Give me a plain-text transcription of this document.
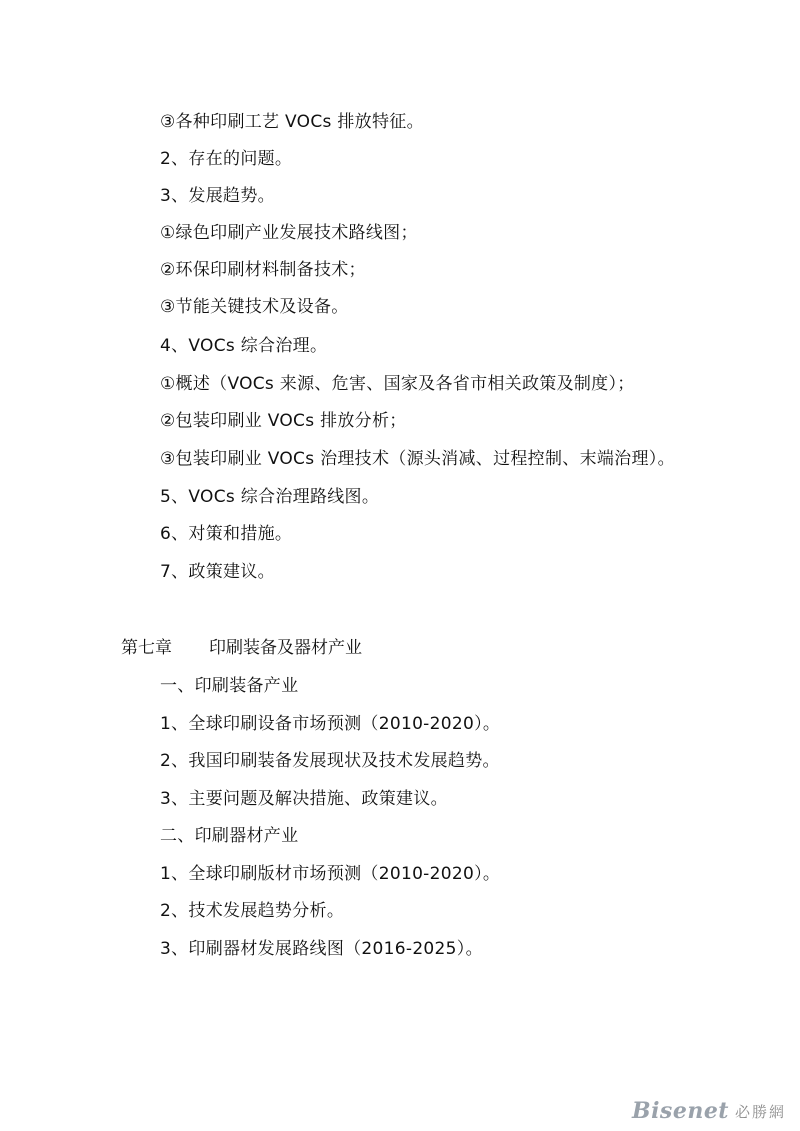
③各种印刷工艺 VOCs 排放特征。
2、存在的问题。
3、发展趋势。
①绿色印刷产业发展技术路线图；
②环保印刷材料制备技术；
③节能关键技术及设备。
4、VOCs 综合治理。
①概述（VOCs 来源、危害、国家及各省市相关政策及制度）；
②包装印刷业 VOCs 排放分析；
③包装印刷业 VOCs 治理技术（源头消减、过程控制、末端治理）。
5、VOCs 综合治理路线图。
6、对策和措施。
7、政策建议。
第七章 印刷装备及器材产业
一、印刷装备产业
1、全球印刷设备市场预测（2010-2020）。
2、我国印刷装备发展现状及技术发展趋势。
3、主要问题及解决措施、政策建议。
二、印刷器材产业
1、全球印刷版材市场预测（2010-2020）。
2、技术发展趋势分析。
3、印刷器材发展路线图（2016-2025）。
Bisenet 必勝網
